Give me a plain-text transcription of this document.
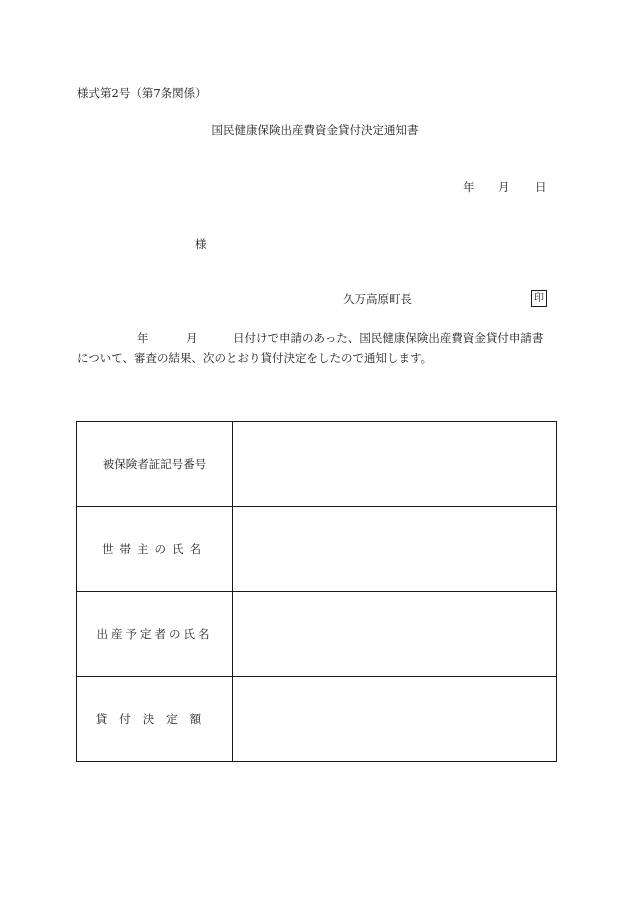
様式第2号（第7条関係）
国民健康保険出産費資金貸付決定通知書
年 月 日
様
久万高原町長	印
年	月	日付けで申請のあった、国民健康保険出産費資金貸付申請書
について、審査の結果、次のとおり貸付決定をしたので通知します。
被保険者証記号番号	
世帯主の氏名	
出産予定者の氏名	
貸付決定額	
